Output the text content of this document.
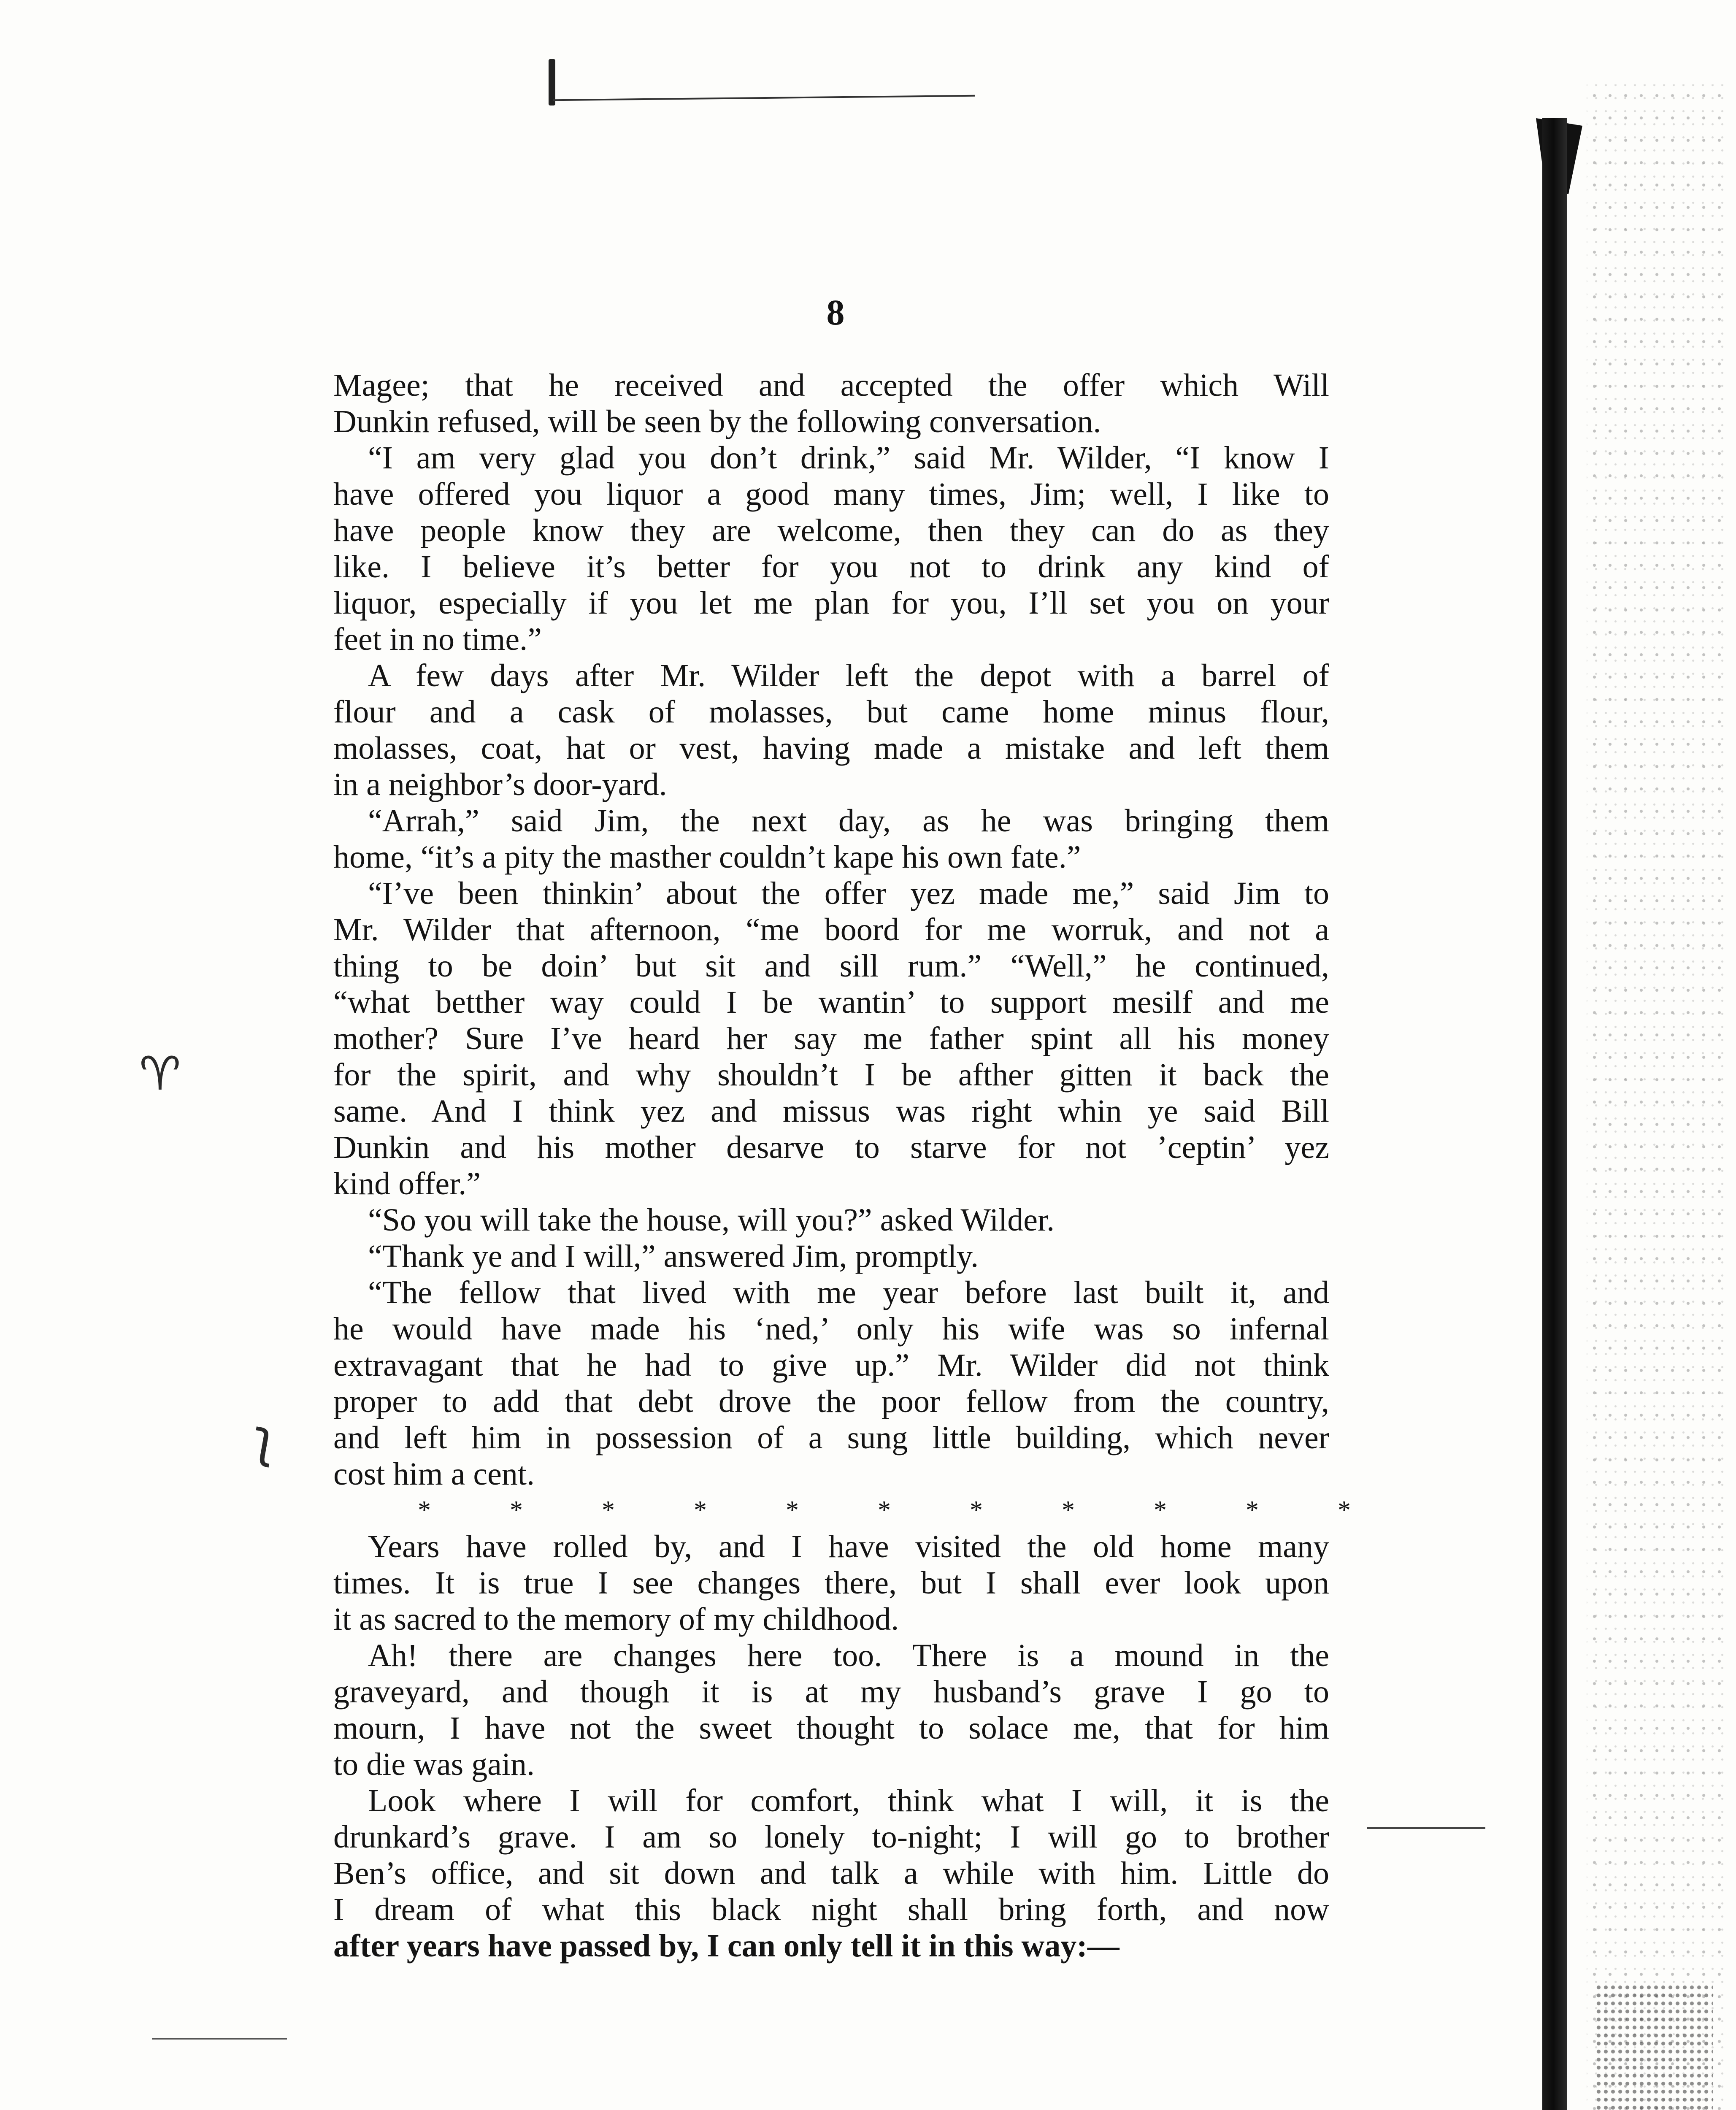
♈
ʅ
8
Magee; that he received and accepted the offer which Will
Dunkin refused, will be seen by the following conversation.
“I am very glad you don’t drink,” said Mr. Wilder, “I know I
have offered you liquor a good many times, Jim; well, I like to
have people know they are welcome, then they can do as they
like. I believe it’s better for you not to drink any kind of
liquor, especially if you let me plan for you, I’ll set you on your
feet in no time.”
A few days after Mr. Wilder left the depot with a barrel of
flour and a cask of molasses, but came home minus flour,
molasses, coat, hat or vest, having made a mistake and left them
in a neighbor’s door-yard.
“Arrah,” said Jim, the next day, as he was bringing them
home, “it’s a pity the masther couldn’t kape his own fate.”
“I’ve been thinkin’ about the offer yez made me,” said Jim to
Mr. Wilder that afternoon, “me boord for me worruk, and not a
thing to be doin’ but sit and sill rum.” “Well,” he continued,
“what betther way could I be wantin’ to support mesilf and me
mother? Sure I’ve heard her say me father spint all his money
for the spirit, and why shouldn’t I be afther gitten it back the
same. And I think yez and missus was right whin ye said Bill
Dunkin and his mother desarve to starve for not ’ceptin’ yez
kind offer.”
“So you will take the house, will you?” asked Wilder.
“Thank ye and I will,” answered Jim, promptly.
“The fellow that lived with me year before last built it, and
he would have made his ‘ned,’ only his wife was so infernal
extravagant that he had to give up.” Mr. Wilder did not think
proper to add that debt drove the poor fellow from the country,
and left him in possession of a sung little building, which never
cost him a cent.
*	*	*	*	*	*	*	*	*	*	*
Years have rolled by, and I have visited the old home many
times. It is true I see changes there, but I shall ever look upon
it as sacred to the memory of my childhood.
Ah! there are changes here too. There is a mound in the
graveyard, and though it is at my husband’s grave I go to
mourn, I have not the sweet thought to solace me, that for him
to die was gain.
Look where I will for comfort, think what I will, it is the
drunkard’s grave. I am so lonely to-night; I will go to brother
Ben’s office, and sit down and talk a while with him. Little do
I dream of what this black night shall bring forth, and now
after years have passed by, I can only tell it in this way:—
